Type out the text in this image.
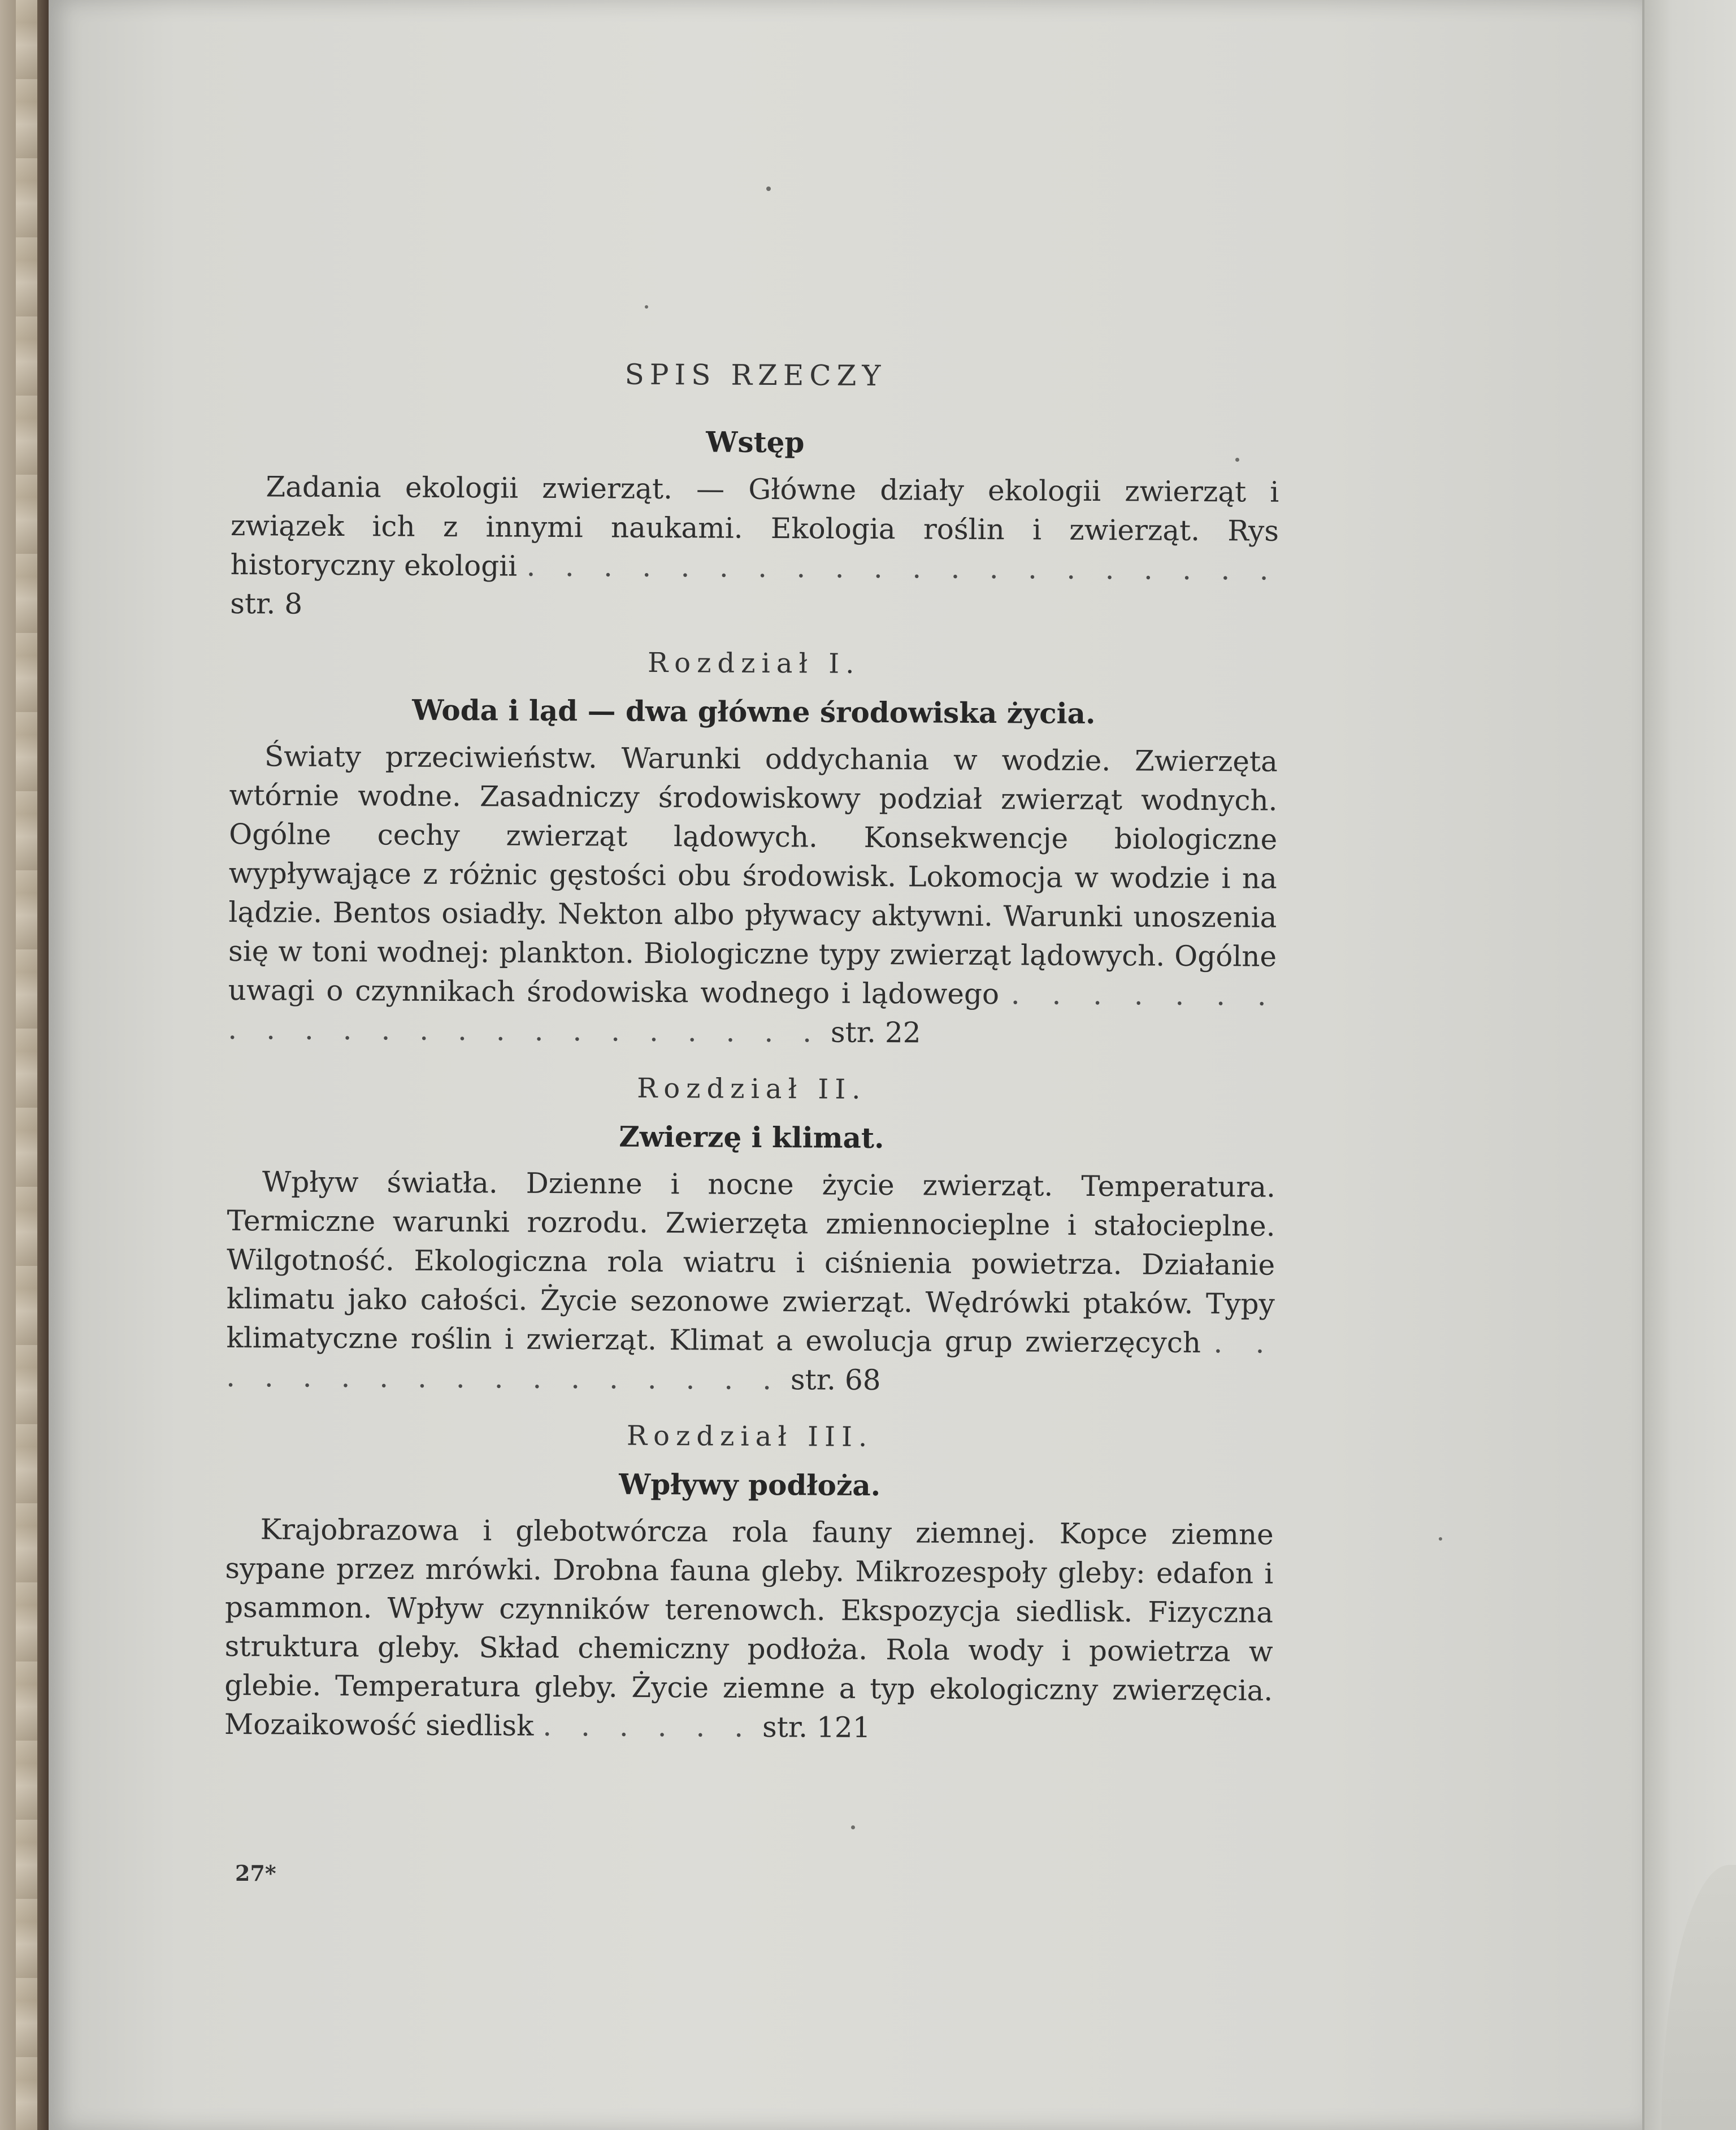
SPIS RZECZY
Wstęp

Zadania ekologii zwierząt. — Główne działy ekologii zwierząt i związek ich z innymi naukami. Ekologia roślin i zwierząt. Rys historyczny ekologii . . . . . . . . . . . . . . . . . . . . str. 8

Rozdział I.
Woda i ląd — dwa główne środowiska życia.

Światy przeciwieństw. Warunki oddychania w wodzie. Zwierzęta wtórnie wodne. Zasadniczy środowiskowy podział zwierząt wodnych. Ogólne cechy zwierząt lądowych. Konsekwencje biologiczne wypływające z różnic gęstości obu środowisk. Lokomocja w wodzie i na lądzie. Bentos osiadły. Nekton albo pływacy aktywni. Warunki unoszenia się w toni wodnej: plankton. Biologiczne typy zwierząt lądowych. Ogólne uwagi o czynnikach środowiska wodnego i lądowego . . . . . . . . . . . . . . . . . . . . . . . str. 22

Rozdział II.
Zwierzę i klimat.

Wpływ światła. Dzienne i nocne życie zwierząt. Temperatura. Termiczne warunki rozrodu. Zwierzęta zmiennocieplne i stałocieplne. Wilgotność. Ekologiczna rola wiatru i ciśnienia powietrza. Działanie klimatu jako całości. Życie sezonowe zwierząt. Wędrówki ptaków. Typy klimatyczne roślin i zwierząt. Klimat a ewolucja grup zwierzęcych . . . . . . . . . . . . . . . . . str. 68

Rozdział III.
Wpływy podłoża.

Krajobrazowa i glebotwórcza rola fauny ziemnej. Kopce ziemne sypane przez mrówki. Drobna fauna gleby. Mikrozespoły gleby: edafon i psammon. Wpływ czynników terenowch. Ekspozycja siedlisk. Fizyczna struktura gleby. Skład chemiczny podłoża. Rola wody i powietrza w glebie. Temperatura gleby. Życie ziemne a typ ekologiczny zwierzęcia. Mozaikowość siedlisk . . . . . . str. 121

27*
